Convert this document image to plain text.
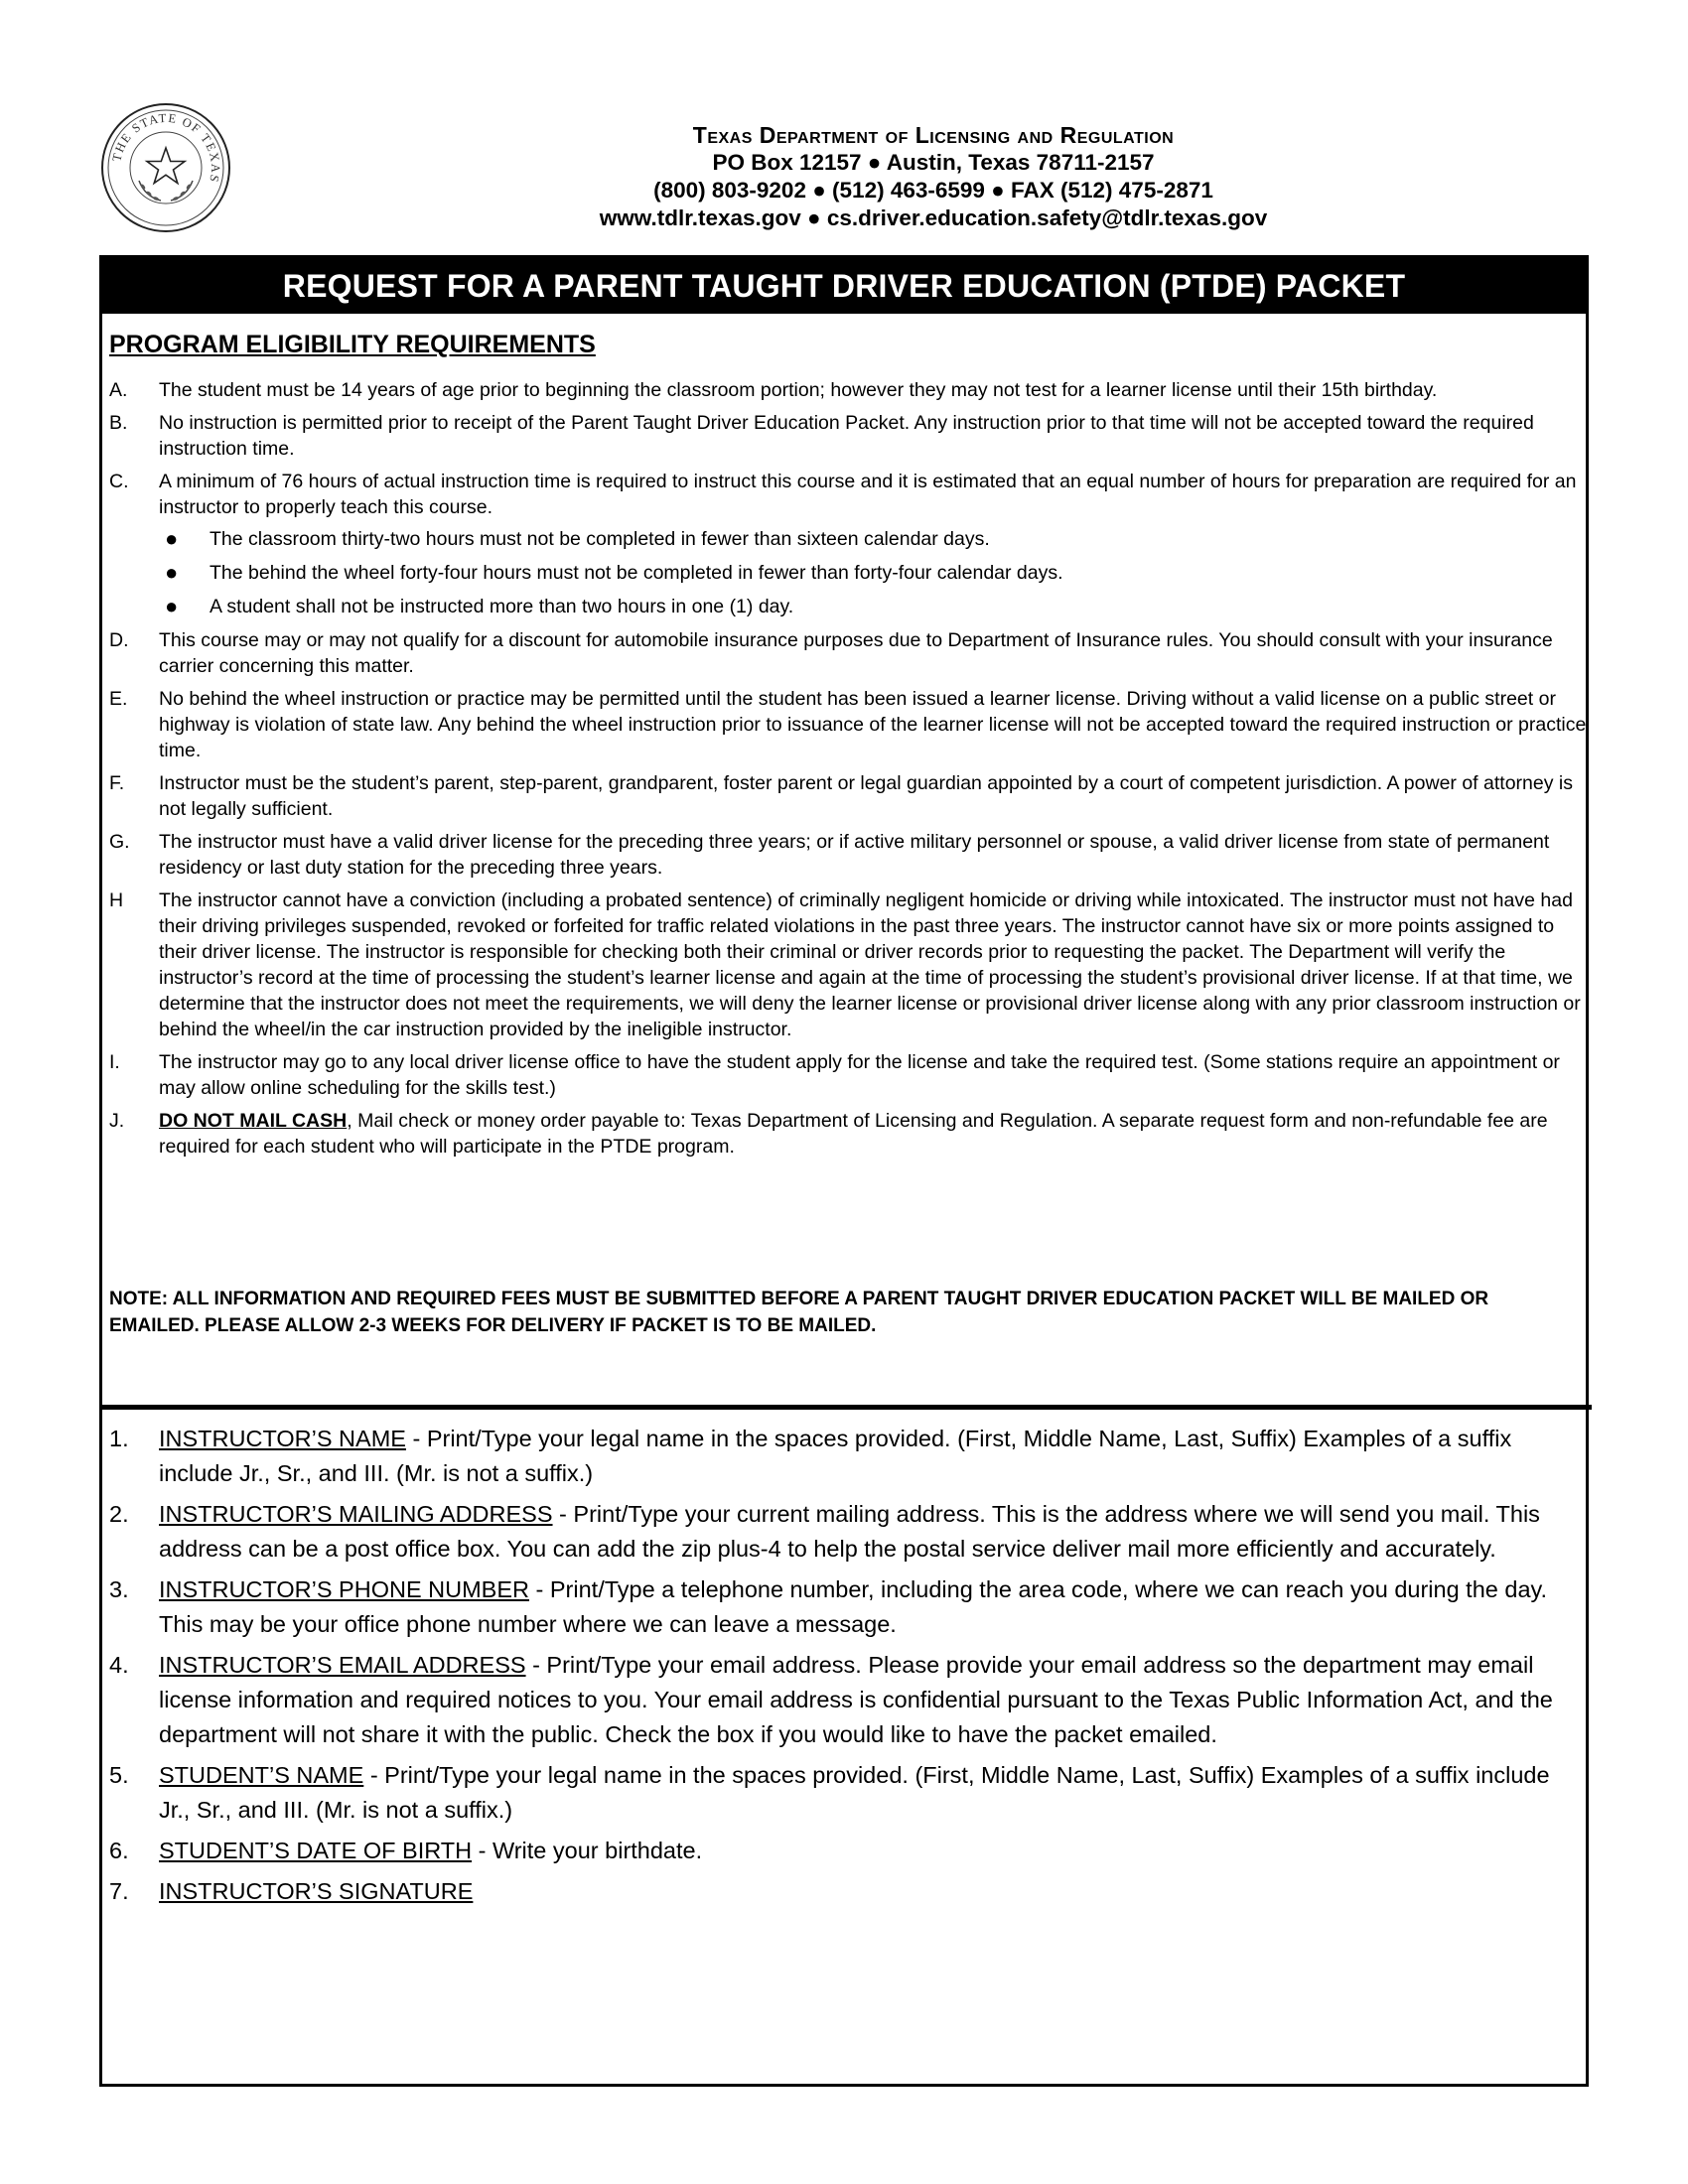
THE STATE OF TEXAS
Texas Department of Licensing and Regulation
PO Box 12157 ● Austin, Texas 78711-2157
(800) 803-9202 ● (512) 463-6599 ● FAX (512) 475-2871
www.tdlr.texas.gov ● cs.driver.education.safety@tdlr.texas.gov
REQUEST FOR A PARENT TAUGHT DRIVER EDUCATION (PTDE) PACKET
PROGRAM ELIGIBILITY REQUIREMENTS
A.	The student must be 14 years of age prior to beginning the classroom portion; however they may not test for a learner license until their 15th birthday.
B.	No instruction is permitted prior to receipt of the Parent Taught Driver Education Packet. Any instruction prior to that time will not be accepted toward the required instruction time.
C.	A minimum of 76 hours of actual instruction time is required to instruct this course and it is estimated that an equal number of hours for preparation are required for an instructor to properly teach this course.
● The classroom thirty-two hours must not be completed in fewer than sixteen calendar days.
● The behind the wheel forty-four hours must not be completed in fewer than forty-four calendar days.
● A student shall not be instructed more than two hours in one (1) day.
D.	This course may or may not qualify for a discount for automobile insurance purposes due to Department of Insurance rules. You should consult with your insurance carrier concerning this matter.
E.	No behind the wheel instruction or practice may be permitted until the student has been issued a learner license. Driving without a valid license on a public street or highway is violation of state law. Any behind the wheel instruction prior to issuance of the learner license will not be accepted toward the required instruction or practice time.
F.	Instructor must be the student’s parent, step-parent, grandparent, foster parent or legal guardian appointed by a court of competent jurisdiction. A power of attorney is not legally sufficient.
G.	The instructor must have a valid driver license for the preceding three years; or if active military personnel or spouse, a valid driver license from state of permanent residency or last duty station for the preceding three years.
H	The instructor cannot have a conviction (including a probated sentence) of criminally negligent homicide or driving while intoxicated. The instructor must not have had their driving privileges suspended, revoked or forfeited for traffic related violations in the past three years. The instructor cannot have six or more points assigned to their driver license. The instructor is responsible for checking both their criminal or driver records prior to requesting the packet. The Department will verify the instructor’s record at the time of processing the student’s learner license and again at the time of processing the student’s provisional driver license. If at that time, we determine that the instructor does not meet the requirements, we will deny the learner license or provisional driver license along with any prior classroom instruction or behind the wheel/in the car instruction provided by the ineligible instructor.
I.	The instructor may go to any local driver license office to have the student apply for the license and take the required test. (Some stations require an appointment or may allow online scheduling for the skills test.)
J.	DO NOT MAIL CASH, Mail check or money order payable to: Texas Department of Licensing and Regulation. A separate request form and non-refundable fee are required for each student who will participate in the PTDE program.
NOTE: ALL INFORMATION AND REQUIRED FEES MUST BE SUBMITTED BEFORE A PARENT TAUGHT DRIVER EDUCATION PACKET WILL BE MAILED OR EMAILED. PLEASE ALLOW 2-3 WEEKS FOR DELIVERY IF PACKET IS TO BE MAILED.
1.	INSTRUCTOR’S NAME - Print/Type your legal name in the spaces provided. (First, Middle Name, Last, Suffix) Examples of a suffix include Jr., Sr., and III. (Mr. is not a suffix.)
2.	INSTRUCTOR’S MAILING ADDRESS - Print/Type your current mailing address. This is the address where we will send you mail. This address can be a post office box. You can add the zip plus-4 to help the postal service deliver mail more efficiently and accurately.
3.	INSTRUCTOR’S PHONE NUMBER - Print/Type a telephone number, including the area code, where we can reach you during the day. This may be your office phone number where we can leave a message.
4.	INSTRUCTOR’S EMAIL ADDRESS - Print/Type your email address. Please provide your email address so the department may email license information and required notices to you. Your email address is confidential pursuant to the Texas Public Information Act, and the department will not share it with the public. Check the box if you would like to have the packet emailed.
5.	STUDENT’S NAME - Print/Type your legal name in the spaces provided. (First, Middle Name, Last, Suffix) Examples of a suffix include Jr., Sr., and III. (Mr. is not a suffix.)
6.	STUDENT’S DATE OF BIRTH - Write your birthdate.
7.	INSTRUCTOR’S SIGNATURE
